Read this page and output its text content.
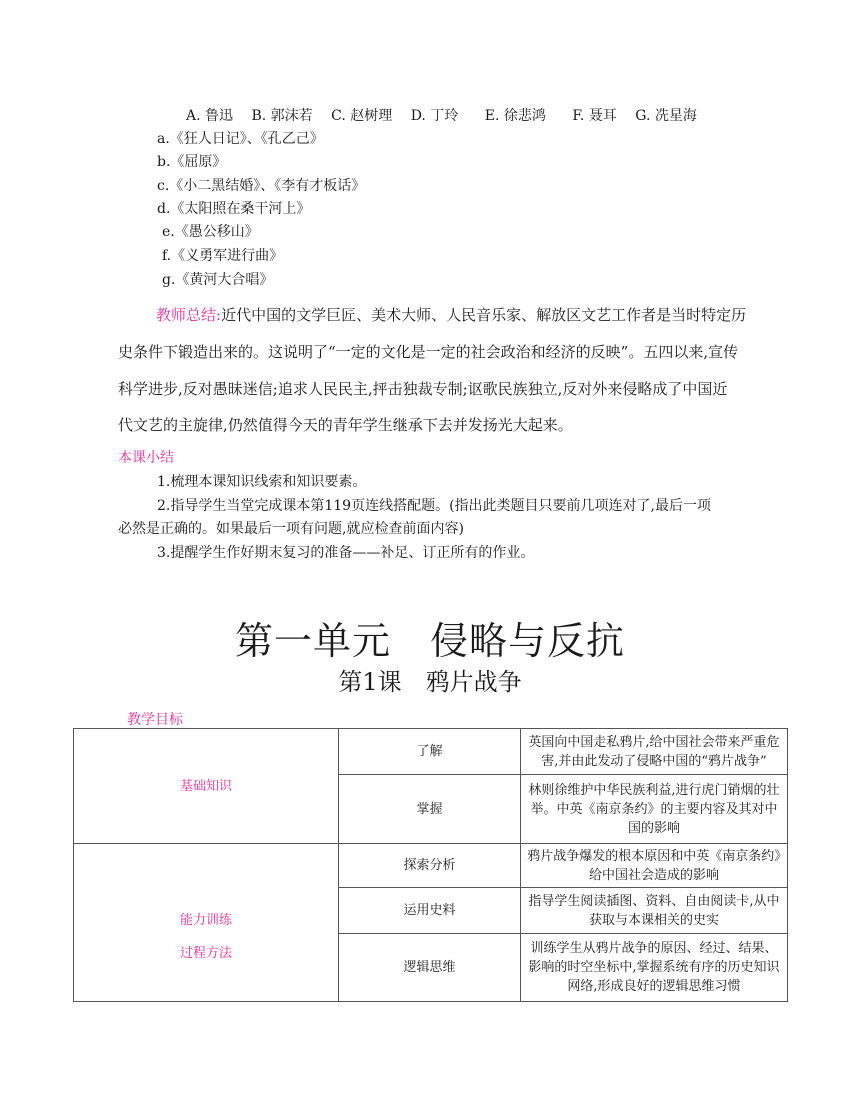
A. 鲁迅 B. 郭沫若 C. 赵树理 D. 丁玲 E. 徐悲鸿 F. 聂耳 G. 冼星海
a.《狂人日记》、《孔乙己》
b.《屈原》
c.《小二黑结婚》、《李有才板话》
d.《太阳照在桑干河上》
e.《愚公移山》
f.《义勇军进行曲》
g.《黄河大合唱》
教师总结:近代中国的文学巨匠、美术大师、人民音乐家、解放区文艺工作者是当时特定历
史条件下锻造出来的。这说明了“一定的文化是一定的社会政治和经济的反映”。五四以来,宣传
科学进步,反对愚昧迷信;追求人民民主,抨击独裁专制;讴歌民族独立,反对外来侵略成了中国近
代文艺的主旋律,仍然值得今天的青年学生继承下去并发扬光大起来。
本课小结
1.梳理本课知识线索和知识要素。
2.指导学生当堂完成课本第119页连线搭配题。(指出此类题目只要前几项连对了,最后一项
必然是正确的。如果最后一项有问题,就应检查前面内容)
3.提醒学生作好期末复习的准备——补足、订正所有的作业。
第一单元　侵略与反抗
第1课　鸦片战争
教学目标
基础知识	了解	英国向中国走私鸦片,给中国社会带来严重危害,并由此发动了侵略中国的“鸦片战争”
	掌握	林则徐维护中华民族利益,进行虎门销烟的壮举。中英《南京条约》的主要内容及其对中国的影响

能力训练
过程方法	探索分析	鸦片战争爆发的根本原因和中英《南京条约》给中国社会造成的影响
	运用史料	指导学生阅读插图、资料、自由阅读卡,从中获取与本课相关的史实
	逻辑思维	训练学生从鸦片战争的原因、经过、结果、影响的时空坐标中,掌握系统有序的历史知识网络,形成良好的逻辑思维习惯
